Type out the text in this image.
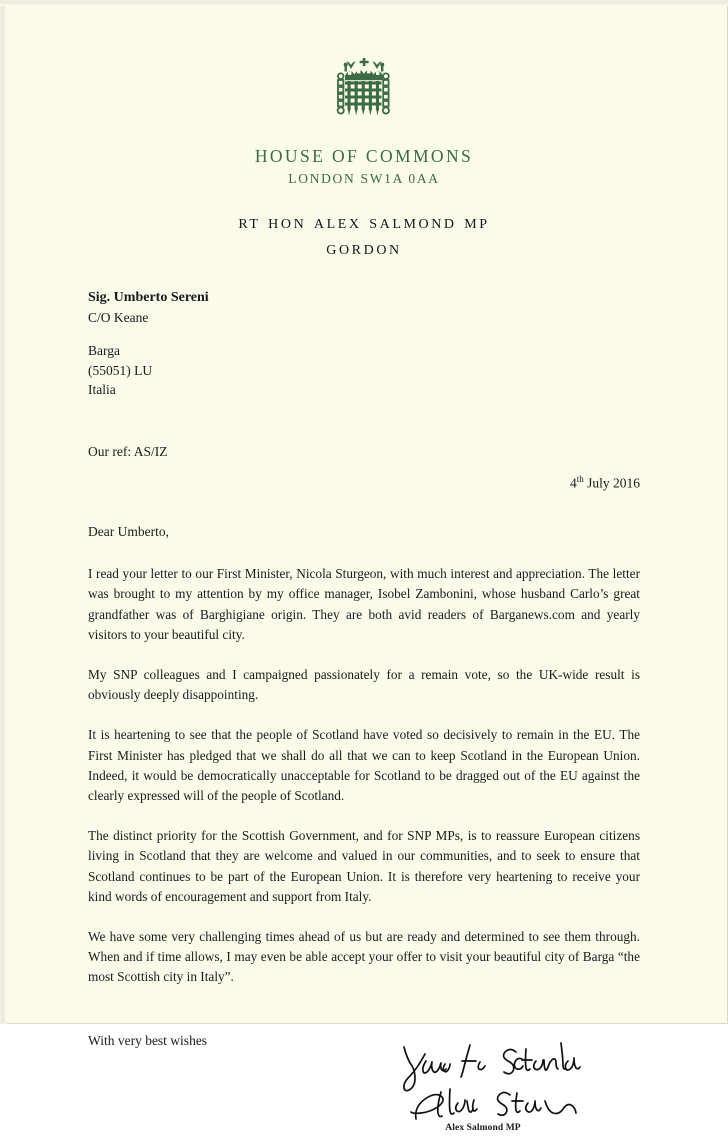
HOUSE OF COMMONS
LONDON SW1A 0AA
rt hon alex salmond mp
gordon
Sig. Umberto Sereni
C/O Keane
Barga
(55051) LU
Italia
Our ref: AS/IZ
4th July 2016
Dear Umberto,

I read your letter to our First Minister, Nicola Sturgeon, with much interest and appreciation. The letter was brought to my attention by my office manager, Isobel Zambonini, whose husband Carlo’s great grandfather was of Barghigiane origin. They are both avid readers of Barganews.com and yearly visitors to your beautiful city.

My SNP colleagues and I campaigned passionately for a remain vote, so the UK-wide result is obviously deeply disappointing.

It is heartening to see that the people of Scotland have voted so decisively to remain in the EU. The First Minister has pledged that we shall do all that we can to keep Scotland in the European Union. Indeed, it would be democratically unacceptable for Scotland to be dragged out of the EU against the clearly expressed will of the people of Scotland.

The distinct priority for the Scottish Government, and for SNP MPs, is to reassure European citizens living in Scotland that they are welcome and valued in our communities, and to seek to ensure that Scotland continues to be part of the European Union. It is therefore very heartening to receive your kind words of encouragement and support from Italy.

We have some very challenging times ahead of us but are ready and determined to see them through. When and if time allows, I may even be able accept your offer to visit your beautiful city of Barga “the most Scottish city in Italy”.

With very best wishes
Alex Salmond MP
